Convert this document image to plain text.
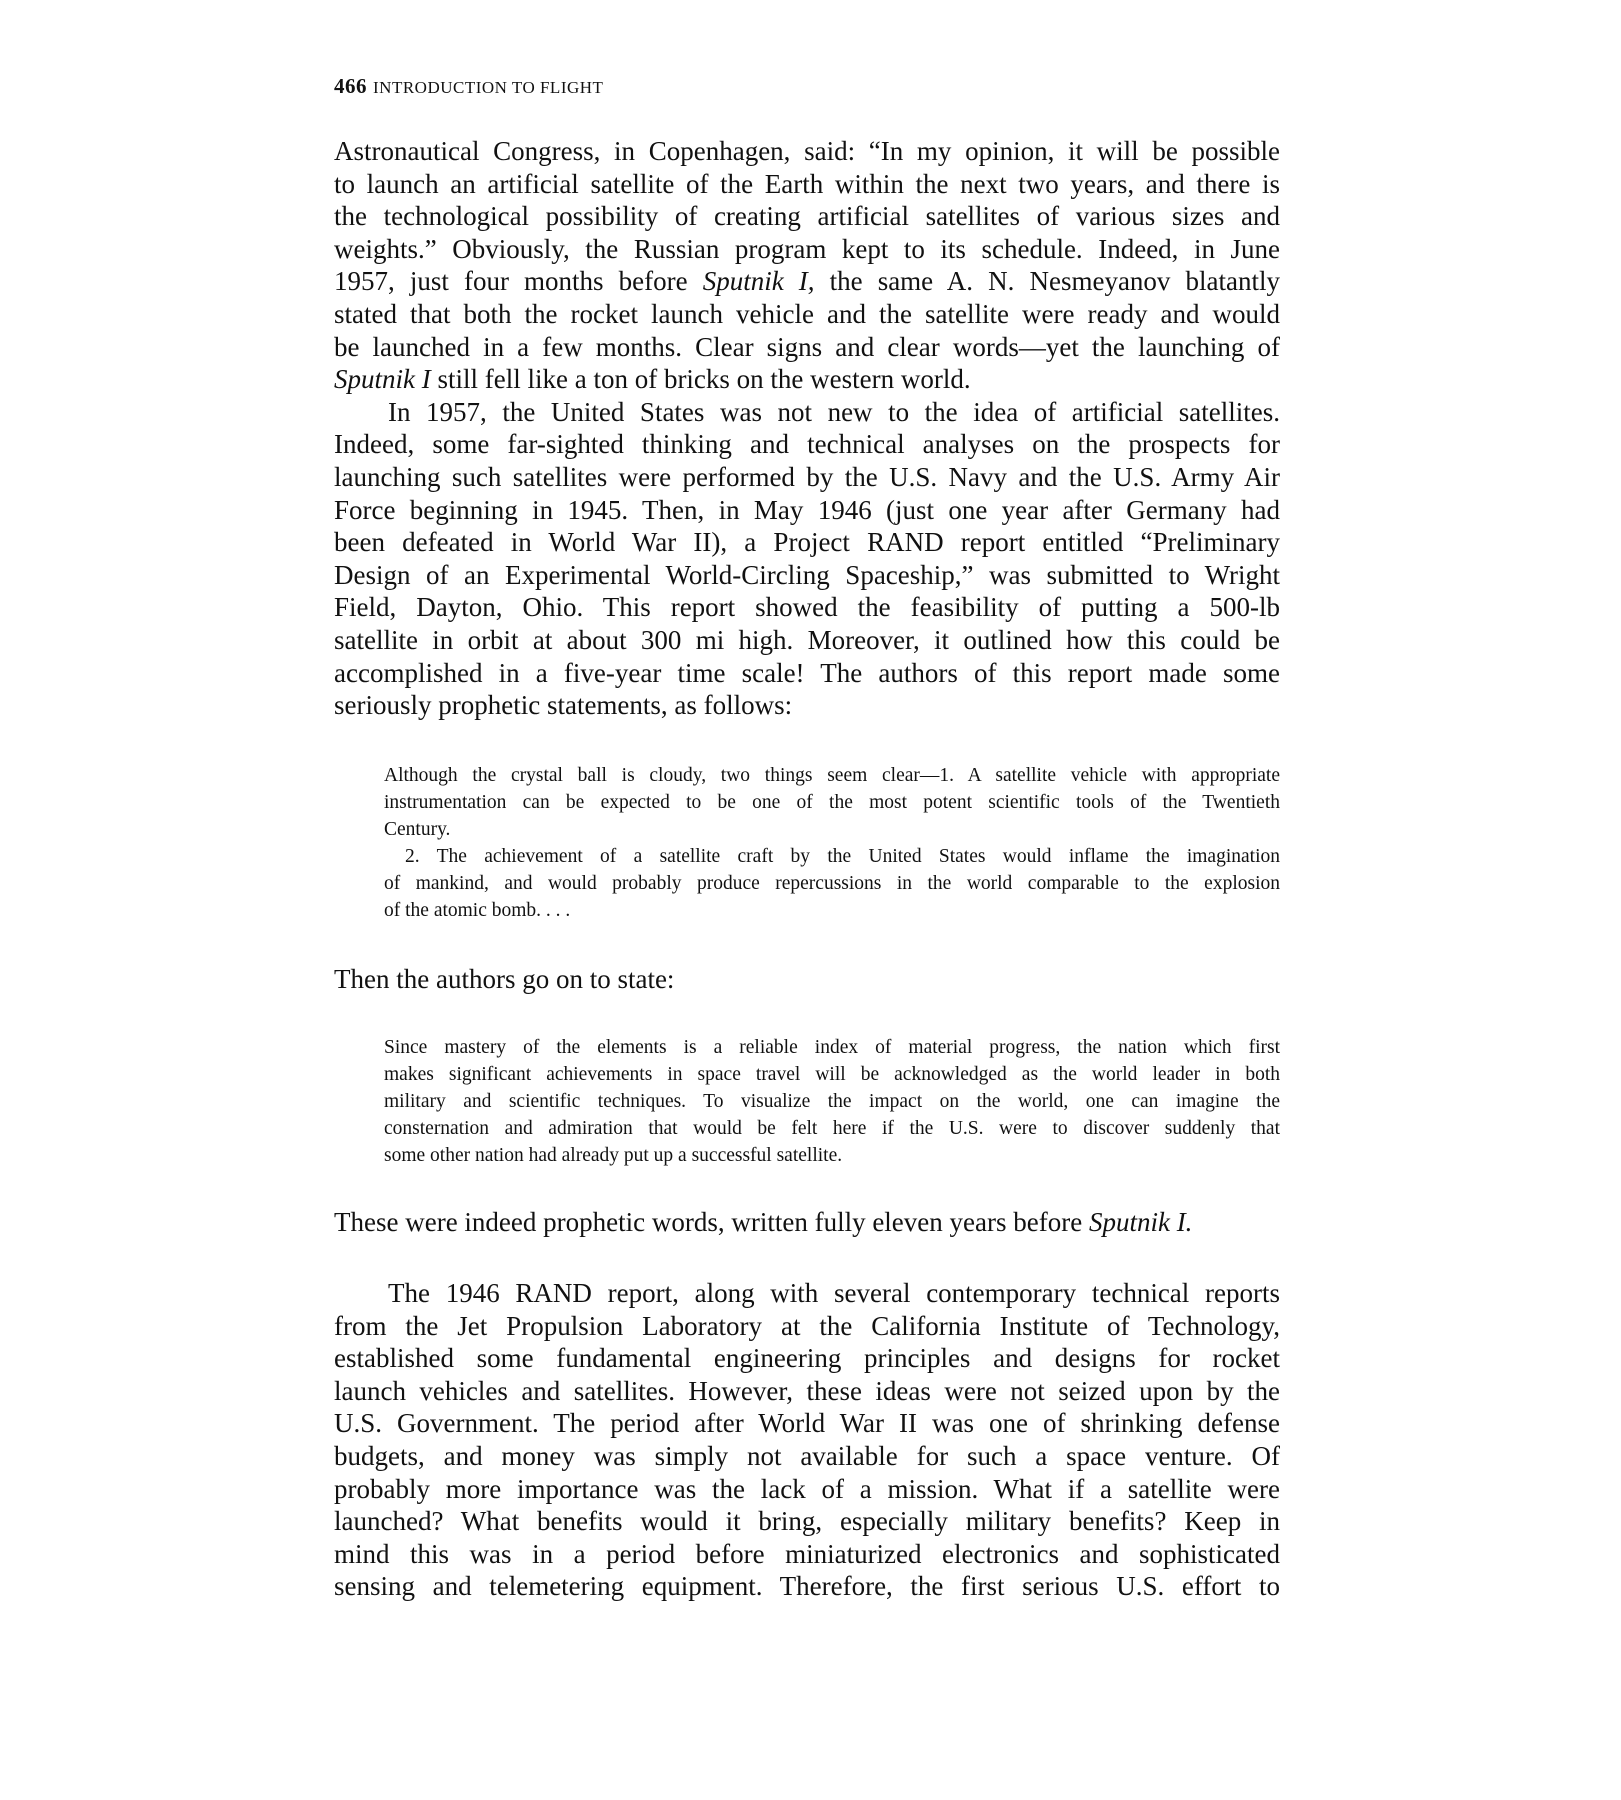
466 INTRODUCTION TO FLIGHT
Astronautical Congress, in Copenhagen, said: “In my opinion, it will be possible
to launch an artificial satellite of the Earth within the next two years, and there is
the technological possibility of creating artificial satellites of various sizes and
weights.” Obviously, the Russian program kept to its schedule. Indeed, in June
1957, just four months before Sputnik I, the same A. N. Nesmeyanov blatantly
stated that both the rocket launch vehicle and the satellite were ready and would
be launched in a few months. Clear signs and clear words—yet the launching of
Sputnik I still fell like a ton of bricks on the western world.
In 1957, the United States was not new to the idea of artificial satellites.
Indeed, some far-sighted thinking and technical analyses on the prospects for
launching such satellites were performed by the U.S. Navy and the U.S. Army Air
Force beginning in 1945. Then, in May 1946 (just one year after Germany had
been defeated in World War II), a Project RAND report entitled “Preliminary
Design of an Experimental World-Circling Spaceship,” was submitted to Wright
Field, Dayton, Ohio. This report showed the feasibility of putting a 500-lb
satellite in orbit at about 300 mi high. Moreover, it outlined how this could be
accomplished in a five-year time scale! The authors of this report made some
seriously prophetic statements, as follows:
Although the crystal ball is cloudy, two things seem clear—1. A satellite vehicle with appropriate
instrumentation can be expected to be one of the most potent scientific tools of the Twentieth
Century.
2. The achievement of a satellite craft by the United States would inflame the imagination
of mankind, and would probably produce repercussions in the world comparable to the explosion
of the atomic bomb. . . .
Then the authors go on to state:
Since mastery of the elements is a reliable index of material progress, the nation which first
makes significant achievements in space travel will be acknowledged as the world leader in both
military and scientific techniques. To visualize the impact on the world, one can imagine the
consternation and admiration that would be felt here if the U.S. were to discover suddenly that
some other nation had already put up a successful satellite.
These were indeed prophetic words, written fully eleven years before Sputnik I.
The 1946 RAND report, along with several contemporary technical reports
from the Jet Propulsion Laboratory at the California Institute of Technology,
established some fundamental engineering principles and designs for rocket
launch vehicles and satellites. However, these ideas were not seized upon by the
U.S. Government. The period after World War II was one of shrinking defense
budgets, and money was simply not available for such a space venture. Of
probably more importance was the lack of a mission. What if a satellite were
launched? What benefits would it bring, especially military benefits? Keep in
mind this was in a period before miniaturized electronics and sophisticated
sensing and telemetering equipment. Therefore, the first serious U.S. effort to
